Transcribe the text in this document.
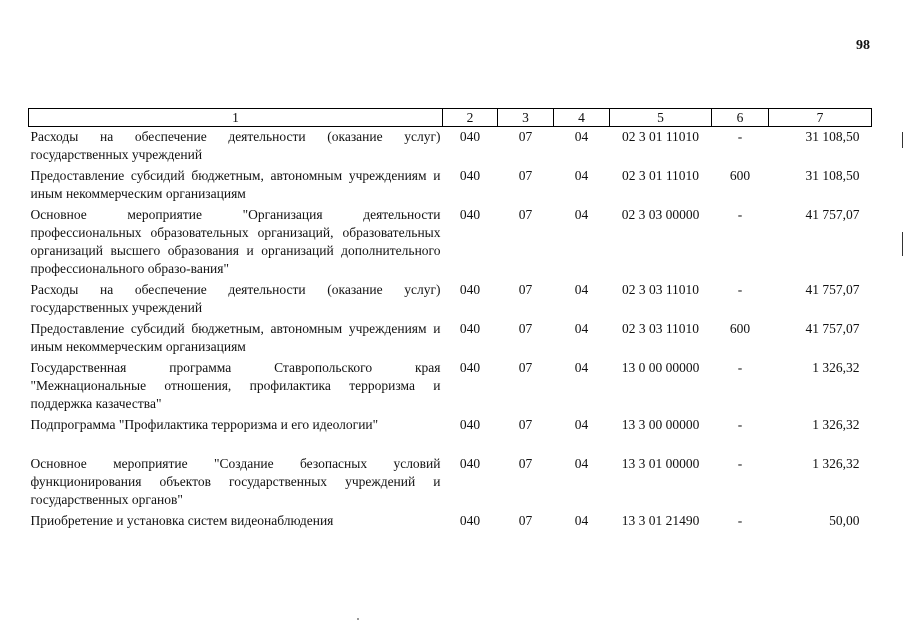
98
1	2	3	4	5	6	7
Расходы на обеспечение деятельности (оказание услуг) государственных учреждений	040	07	04	02 3 01 11010	-	31 108,50
Предоставление субсидий бюджетным, автономным учреждениям и иным некоммерческим организациям	040	07	04	02 3 01 11010	600	31 108,50
Основное мероприятие "Организация деятельности профессиональных образовательных организаций, образовательных организаций высшего образования и организаций дополнительного профессионального образо-вания"	040	07	04	02 3 03 00000	-	41 757,07
Расходы на обеспечение деятельности (оказание услуг) государственных учреждений	040	07	04	02 3 03 11010	-	41 757,07
Предоставление субсидий бюджетным, автономным учреждениям и иным некоммерческим организациям	040	07	04	02 3 03 11010	600	41 757,07
Государственная программа Ставропольского края "Межнациональные отношения, профилактика терроризма и поддержка казачества"	040	07	04	13 0 00 00000	-	1 326,32
Подпрограмма "Профилактика терроризма и его идеологии"	040	07	04	13 3 00 00000	-	1 326,32
Основное мероприятие "Создание безопасных условий функционирования объектов государственных учреждений и государственных органов"	040	07	04	13 3 01 00000	-	1 326,32
Приобретение и установка систем видеонаблюдения	040	07	04	13 3 01 21490	-	50,00
